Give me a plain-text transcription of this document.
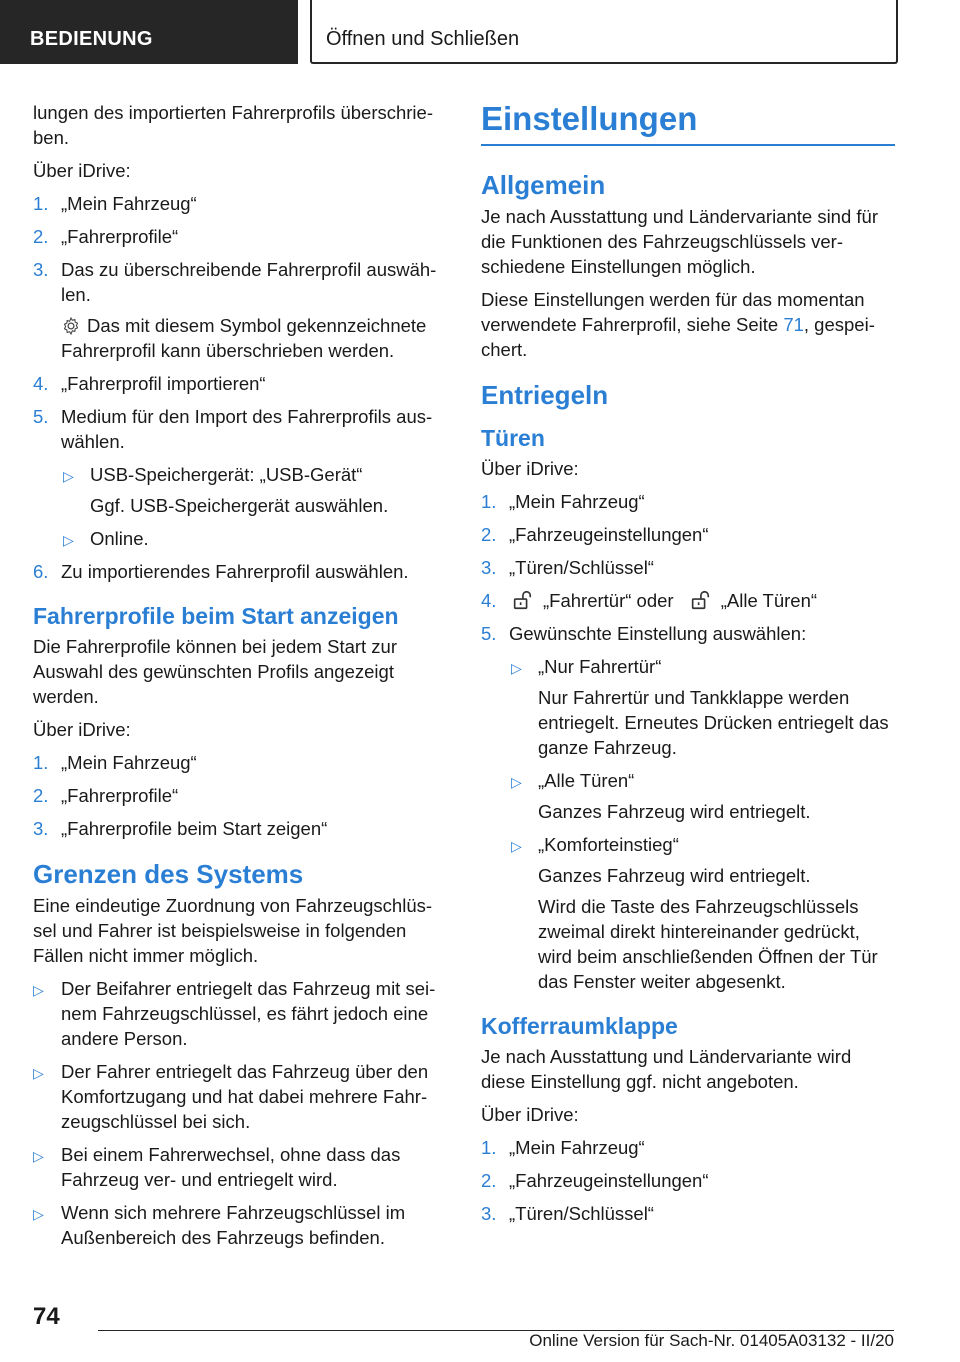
BEDIENUNG	Öffnen und Schließen

lungen des importierten Fahrerprofils überschrieben.

Über iDrive:

1. „Mein Fahrzeug“
2. „Fahrerprofile“
3. Das zu überschreibende Fahrerprofil auswählen.
Das mit diesem Symbol gekennzeichnete Fahrerprofil kann überschrieben werden.
4. „Fahrerprofil importieren“
5. Medium für den Import des Fahrerprofils auswählen.
▷ USB-Speichergerät: „USB-Gerät“
Ggf. USB-Speichergerät auswählen.
▷ Online.
6. Zu importierendes Fahrerprofil auswählen.
Fahrerprofile beim Start anzeigen

Die Fahrerprofile können bei jedem Start zur Auswahl des gewünschten Profils angezeigt werden.

Über iDrive:

1. „Mein Fahrzeug“
2. „Fahrerprofile“
3. „Fahrerprofile beim Start zeigen“
Grenzen des Systems

Eine eindeutige Zuordnung von Fahrzeugschlüssel und Fahrer ist beispielsweise in folgenden Fällen nicht immer möglich.

▷ Der Beifahrer entriegelt das Fahrzeug mit seinem Fahrzeugschlüssel, es fährt jedoch eine andere Person.
▷ Der Fahrer entriegelt das Fahrzeug über den Komfortzugang und hat dabei mehrere Fahrzeugschlüssel bei sich.
▷ Bei einem Fahrerwechsel, ohne dass das Fahrzeug ver- und entriegelt wird.
▷ Wenn sich mehrere Fahrzeugschlüssel im Außenbereich des Fahrzeugs befinden.
Einstellungen
Allgemein

Je nach Ausstattung und Ländervariante sind für die Funktionen des Fahrzeugschlüssels verschiedene Einstellungen möglich.

Diese Einstellungen werden für das momentan verwendete Fahrerprofil, siehe Seite 71, gespeichert.

Entriegeln
Türen

Über iDrive:

1. „Mein Fahrzeug“
2. „Fahrzeugeinstellungen“
3. „Türen/Schlüssel“
4.	„Fahrertür“ oder	„Alle Türen“
5. Gewünschte Einstellung auswählen:
▷ „Nur Fahrertür“
Nur Fahrertür und Tankklappe werden entriegelt. Erneutes Drücken entriegelt das ganze Fahrzeug.
▷ „Alle Türen“
Ganzes Fahrzeug wird entriegelt.
▷ „Komforteinstieg“
Ganzes Fahrzeug wird entriegelt.
Wird die Taste des Fahrzeugschlüssels zweimal direkt hintereinander gedrückt, wird beim anschließenden Öffnen der Tür das Fenster weiter abgesenkt.
Kofferraumklappe

Je nach Ausstattung und Ländervariante wird diese Einstellung ggf. nicht angeboten.

Über iDrive:

1. „Mein Fahrzeug“
2. „Fahrzeugeinstellungen“
3. „Türen/Schlüssel“
74
Online Version für Sach-Nr. 01405A03132 - II/20
